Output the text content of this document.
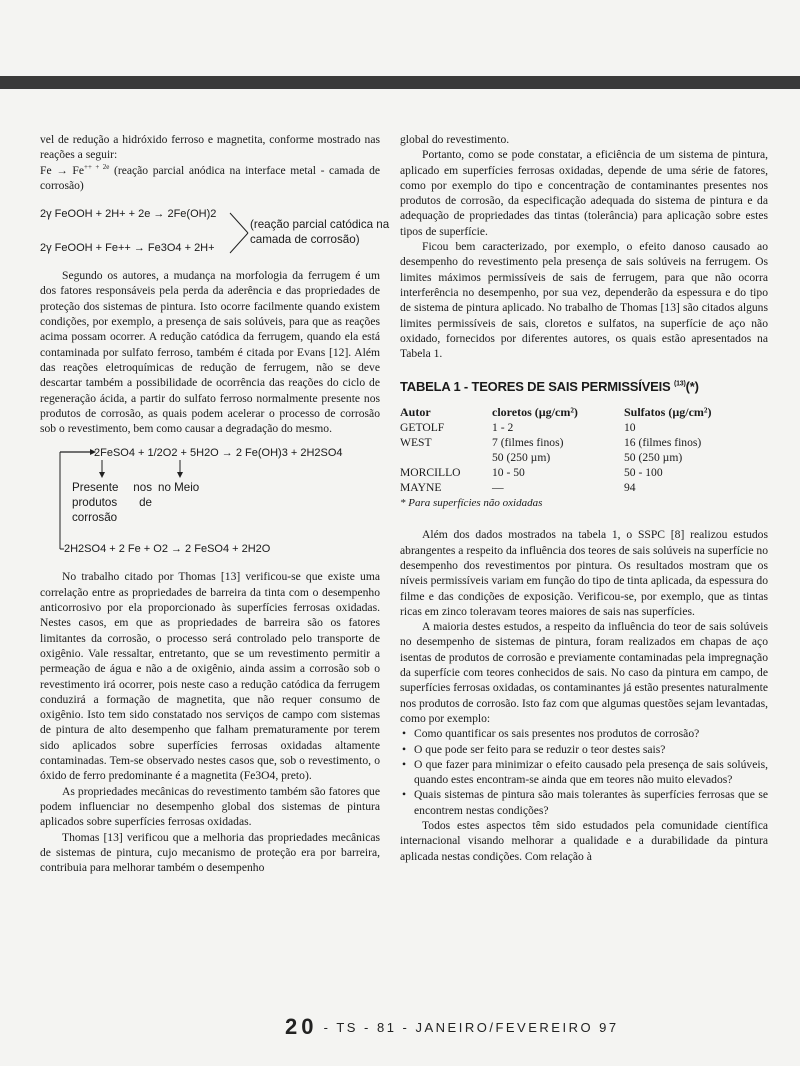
vel de redução a hidróxido ferroso e magnetita, conforme mostrado nas reações a seguir:

$Fe \to Fe^{++ + 2e}$ (reação parcial anódica na interface metal - camada de corrosão)

2γ FeOOH + 2H+ + 2e → 2Fe(OH)2
2γ FeOOH + Fe++ → Fe3O4 + 2H+
(reação parcial catódica na camada de corrosão)

Segundo os autores, a mudança na morfologia da ferrugem é um dos fatores responsáveis pela perda da aderência e das propriedades de proteção dos sistemas de pintura. Isto ocorre facilmente quando existem condições, por exemplo, a presença de sais solúveis, para que as reações acima possam ocorrer. A redução catódica da ferrugem, quando ela está contaminada por sulfato ferroso, também é citada por Evans [12]. Além das reações eletroquímicas de redução de ferrugem, não se deve descartar também a possibilidade de ocorrência das reações do ciclo de regeneração ácida, a partir do sulfato ferroso normalmente presente nos produtos de corrosão, as quais podem acelerar o processo de corrosão sob o revestimento, bem como causar a degradação do mesmo.

2FeSO4 + 1/2O2 + 5H2O → 2 Fe(OH)3 + 2H2SO4
Presente nos produtos de corrosão
no Meio
2H2SO4 + 2 Fe + O2 → 2 FeSO4 + 2H2O

No trabalho citado por Thomas [13] verificou-se que existe uma correlação entre as propriedades de barreira da tinta com o desempenho anticorrosivo por ela proporcionado às superfícies ferrosas oxidadas. Nestes casos, em que as propriedades de barreira são os fatores limitantes da corrosão, o processo será controlado pelo transporte de oxigênio. Vale ressaltar, entretanto, que se um revestimento permitir a permeação de água e não a de oxigênio, ainda assim a corrosão sob o revestimento irá ocorrer, pois neste caso a redução catódica da ferrugem conduzirá a formação de magnetita, que não requer consumo de oxigênio. Isto tem sido constatado nos serviços de campo com sistemas de pintura de alto desempenho que falham prematuramente por terem sido aplicados sobre superfícies ferrosas oxidadas altamente contaminadas. Tem-se observado nestes casos que, sob o revestimento, o óxido de ferro predominante é a magnetita (Fe3O4, preto).

As propriedades mecânicas do revestimento também são fatores que podem influenciar no desempenho global dos sistemas de pintura aplicados sobre superfícies ferrosas oxidadas.

Thomas [13] verificou que a melhoria das propriedades mecânicas de sistemas de pintura, cujo mecanismo de proteção era por barreira, contribuia para melhorar também o desempenho

global do revestimento.

Portanto, como se pode constatar, a eficiência de um sistema de pintura, aplicado em superfícies ferrosas oxidadas, depende de uma série de fatores, como por exemplo do tipo e concentração de contaminantes presentes nos produtos de corrosão, da especificação adequada do sistema de pintura e da adequação de propriedades das tintas (tolerância) para aplicação sobre estes tipos de superfície.

Ficou bem caracterizado, por exemplo, o efeito danoso causado ao desempenho do revestimento pela presença de sais solúveis na ferrugem. Os limites máximos permissíveis de sais de ferrugem, para que não ocorra interferência no desempenho, por sua vez, dependerão da espessura e do tipo de sistema de pintura aplicado. No trabalho de Thomas [13] são citados alguns limites permissíveis de sais, cloretos e sulfatos, na superfície de aço não oxidado, fornecidos por diferentes autores, os quais estão apresentados na Tabela 1.

TABELA 1 - TEORES DE SAIS PERMISSÍVEIS $^{(13)}$(*)
Autor	cloretos (µg/cm²)	Sulfatos (µg/cm²)
GETOLF	1 - 2	10
WEST	7 (filmes finos)	16 (filmes finos)
	50 (250 µm)	50 (250 µm)
MORCILLO	10 - 50	50 - 100
MAYNE	—	94
* Para superfícies não oxidadas

Além dos dados mostrados na tabela 1, o SSPC [8] realizou estudos abrangentes a respeito da influência dos teores de sais solúveis na superfície no desempenho dos revestimentos por pintura. Os resultados mostram que os níveis permissíveis variam em função do tipo de tinta aplicada, da espessura do filme e das condições de exposição. Verificou-se, por exemplo, que as tintas ricas em zinco toleravam teores maiores de sais nas superfícies.

A maioria destes estudos, a respeito da influência do teor de sais solúveis no desempenho de sistemas de pintura, foram realizados em chapas de aço isentas de produtos de corrosão e previamente contaminadas pela impregnação da superfície com teores conhecidos de sais. No caso da pintura em campo, de superfícies ferrosas oxidadas, os contaminantes já estão presentes naturalmente nos produtos de corrosão. Isto faz com que algumas questões sejam levantadas, como por exemplo:

• Como quantificar os sais presentes nos produtos de corrosão?
• O que pode ser feito para se reduzir o teor destes sais?
• O que fazer para minimizar o efeito causado pela presença de sais solúveis, quando estes encontram-se ainda que em teores não muito elevados?
• Quais sistemas de pintura são mais tolerantes às superfícies ferrosas que se encontrem nestas condições?

Todos estes aspectos têm sido estudados pela comunidade científica internacional visando melhorar a qualidade e a durabilidade da pintura aplicada nestas condições. Com relação à

20 - TS - 81 - JANEIRO/FEVEREIRO 97
